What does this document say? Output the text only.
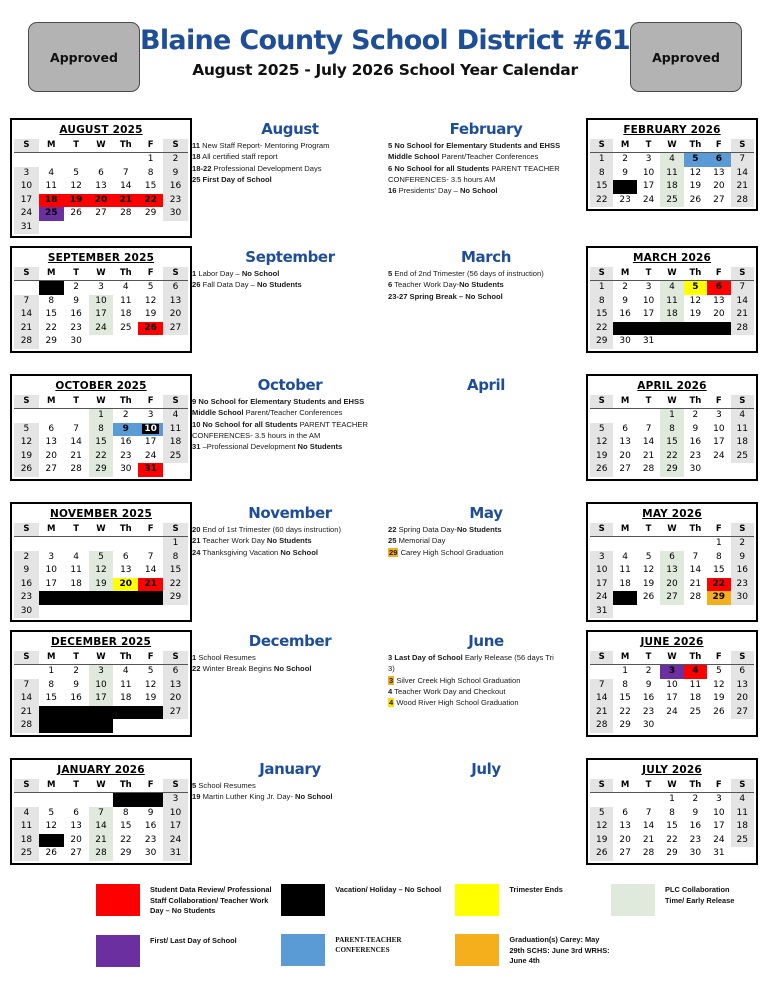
Approved
Blaine County School District #61
August 2025 - July 2026 School Year Calendar
Approved
AUGUST 2025
S	M	T	W	Th	F	S
					1	2
3	4	5	6	7	8	9
10	11	12	13	14	15	16
17	18	19	20	21	22	23
24	25	26	27	28	29	30
31						
August
11 New Staff Report- Mentoring Program
18 All certified staff report
18-22 Professional Development Days
25 First Day of School
February
5 No School for Elementary Students and EHSS
Middle School Parent/Teacher Conferences
6 No School for all Students PARENT TEACHER
CONFERENCES- 3.5 hours AM
16 Presidents' Day – No School
FEBRUARY 2026
S	M	T	W	Th	F	S
1	2	3	4	5	6	7
8	9	10	11	12	13	14
15	16	17	18	19	20	21
22	23	24	25	26	27	28
SEPTEMBER 2025
S	M	T	W	Th	F	S
	1	2	3	4	5	6
7	8	9	10	11	12	13
14	15	16	17	18	19	20
21	22	23	24	25	26	27
28	29	30				
September
1 Labor Day – No School
26 Fall Data Day – No Students
March
5 End of 2nd Trimester (56 days of instruction)
6 Teacher Work Day-No Students
23-27 Spring Break – No School
MARCH 2026
S	M	T	W	Th	F	S
1	2	3	4	5	6	7
8	9	10	11	12	13	14
15	16	17	18	19	20	21
22	23	24	25	26	27	28
29	30	31				
OCTOBER 2025
S	M	T	W	Th	F	S
			1	2	3	4
5	6	7	8	9	10	11
12	13	14	15	16	17	18
19	20	21	22	23	24	25
26	27	28	29	30	31	
October
9 No School for Elementary Students and EHSS
Middle School Parent/Teacher Conferences
10 No School for all Students PARENT TEACHER
CONFERENCES- 3.5 hours in the AM
31 –Professional Development No Students
April	APRIL 2026
S	M	T	W	Th	F	S
			1	2	3	4
5	6	7	8	9	10	11
12	13	14	15	16	17	18
19	20	21	22	23	24	25
26	27	28	29	30		
NOVEMBER 2025
S	M	T	W	Th	F	S
						1
2	3	4	5	6	7	8
9	10	11	12	13	14	15
16	17	18	19	20	21	22
23	24	25	26	27	28	29
30						
November
20 End of 1st Trimester (60 days instruction)
21 Teacher Work Day No Students
24 Thanksgiving Vacation No School
May
22 Spring Data Day-No Students
25 Memorial Day
29 Carey High School Graduation
MAY 2026
S	M	T	W	Th	F	S
					1	2
3	4	5	6	7	8	9
10	11	12	13	14	15	16
17	18	19	20	21	22	23
24	25	26	27	28	29	30
31						
DECEMBER 2025
S	M	T	W	Th	F	S
	1	2	3	4	5	6
7	8	9	10	11	12	13
14	15	16	17	18	19	20
21	22	23	24	25	26	27
28	29	30	31			
December
1 School Resumes
22 Winter Break Begins No School
June
3 Last Day of School Early Release (56 days Tri
3)
3 Silver Creek High School Graduation
4 Teacher Work Day and Checkout
4 Wood River High School Graduation
JUNE 2026
S	M	T	W	Th	F	S
	1	2	3	4	5	6
7	8	9	10	11	12	13
14	15	16	17	18	19	20
21	22	23	24	25	26	27
28	29	30				
JANUARY 2026
S	M	T	W	Th	F	S
				1	2	3
4	5	6	7	8	9	10
11	12	13	14	15	16	17
18	19	20	21	22	23	24
25	26	27	28	29	30	31
January
5 School Resumes
19 Martin Luther King Jr. Day- No School
July	JULY 2026
S	M	T	W	Th	F	S
			1	2	3	4
5	6	7	8	9	10	11
12	13	14	15	16	17	18
19	20	21	22	23	24	25
26	27	28	29	30	31	
Student Data Review/ Professional Staff Collaboration/ Teacher Work Day – No Students
First/ Last Day of School
Vacation/ Holiday – No School
PARENT-TEACHER CONFERENCES
Trimester Ends
Graduation(s) Carey: May 29th SCHS: June 3rd WRHS: June 4th
PLC Collaboration Time/ Early Release
